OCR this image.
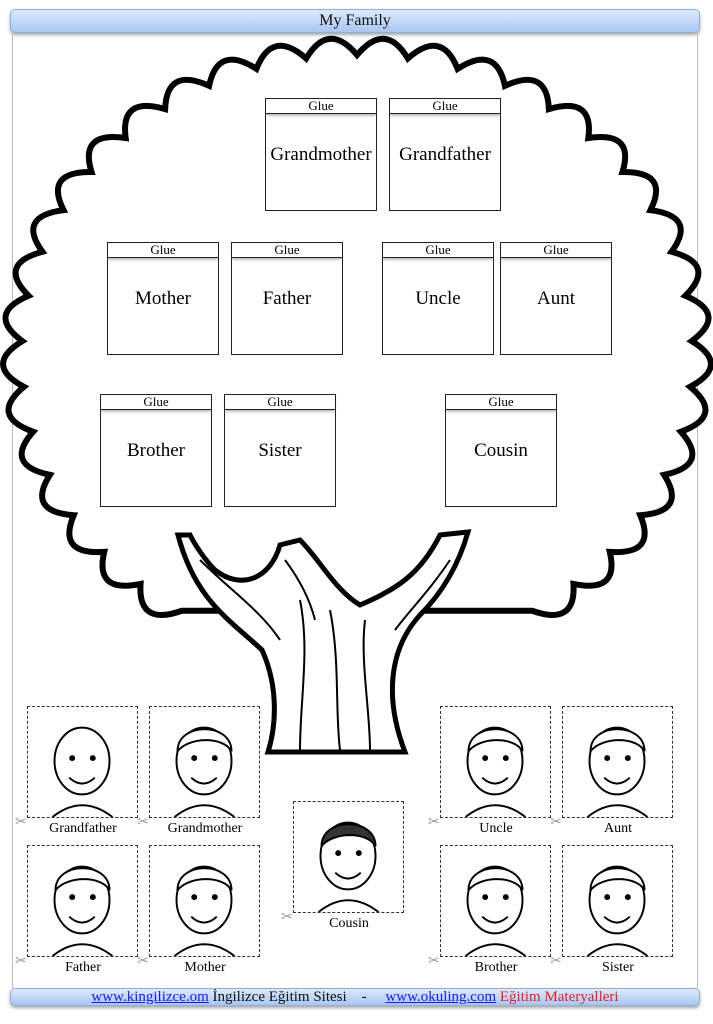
My Family
Glue
Grandmother
Glue
Grandfather
Glue
Mother
Glue
Father
Glue
Uncle
Glue
Aunt
Glue
Brother
Glue
Sister
Glue
Cousin
✂	Grandfather	✂	Grandmother
✂	Father	✂	Mother
✂	Cousin
✂	Uncle	✂	Aunt
✂	Brother	✂	Sister
www.kingilizce.om İngilizce Eğitim Sitesi - www.okuling.com Eğitim Materyalleri
